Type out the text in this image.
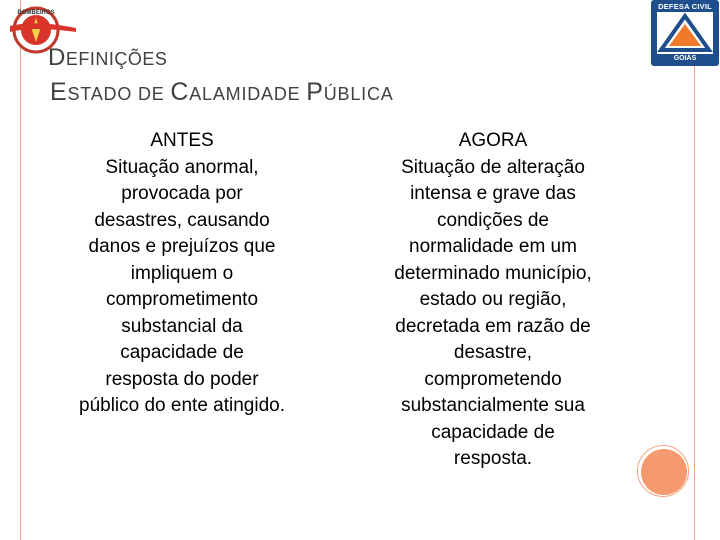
BOMBEIROS
DEFESA CIVIL
GOIÁS
DEFINIÇÕES
ESTADO DE CALAMIDADE PÚBLICA
ANTES
Situação anormal,
provocada por
desastres, causando
danos e prejuízos que
impliquem o
comprometimento
substancial da
capacidade de
resposta do poder
público do ente atingido.
AGORA
Situação de alteração
intensa e grave das
condições de
normalidade em um
determinado município,
estado ou região,
decretada em razão de
desastre,
comprometendo
substancialmente sua
capacidade de
resposta.
